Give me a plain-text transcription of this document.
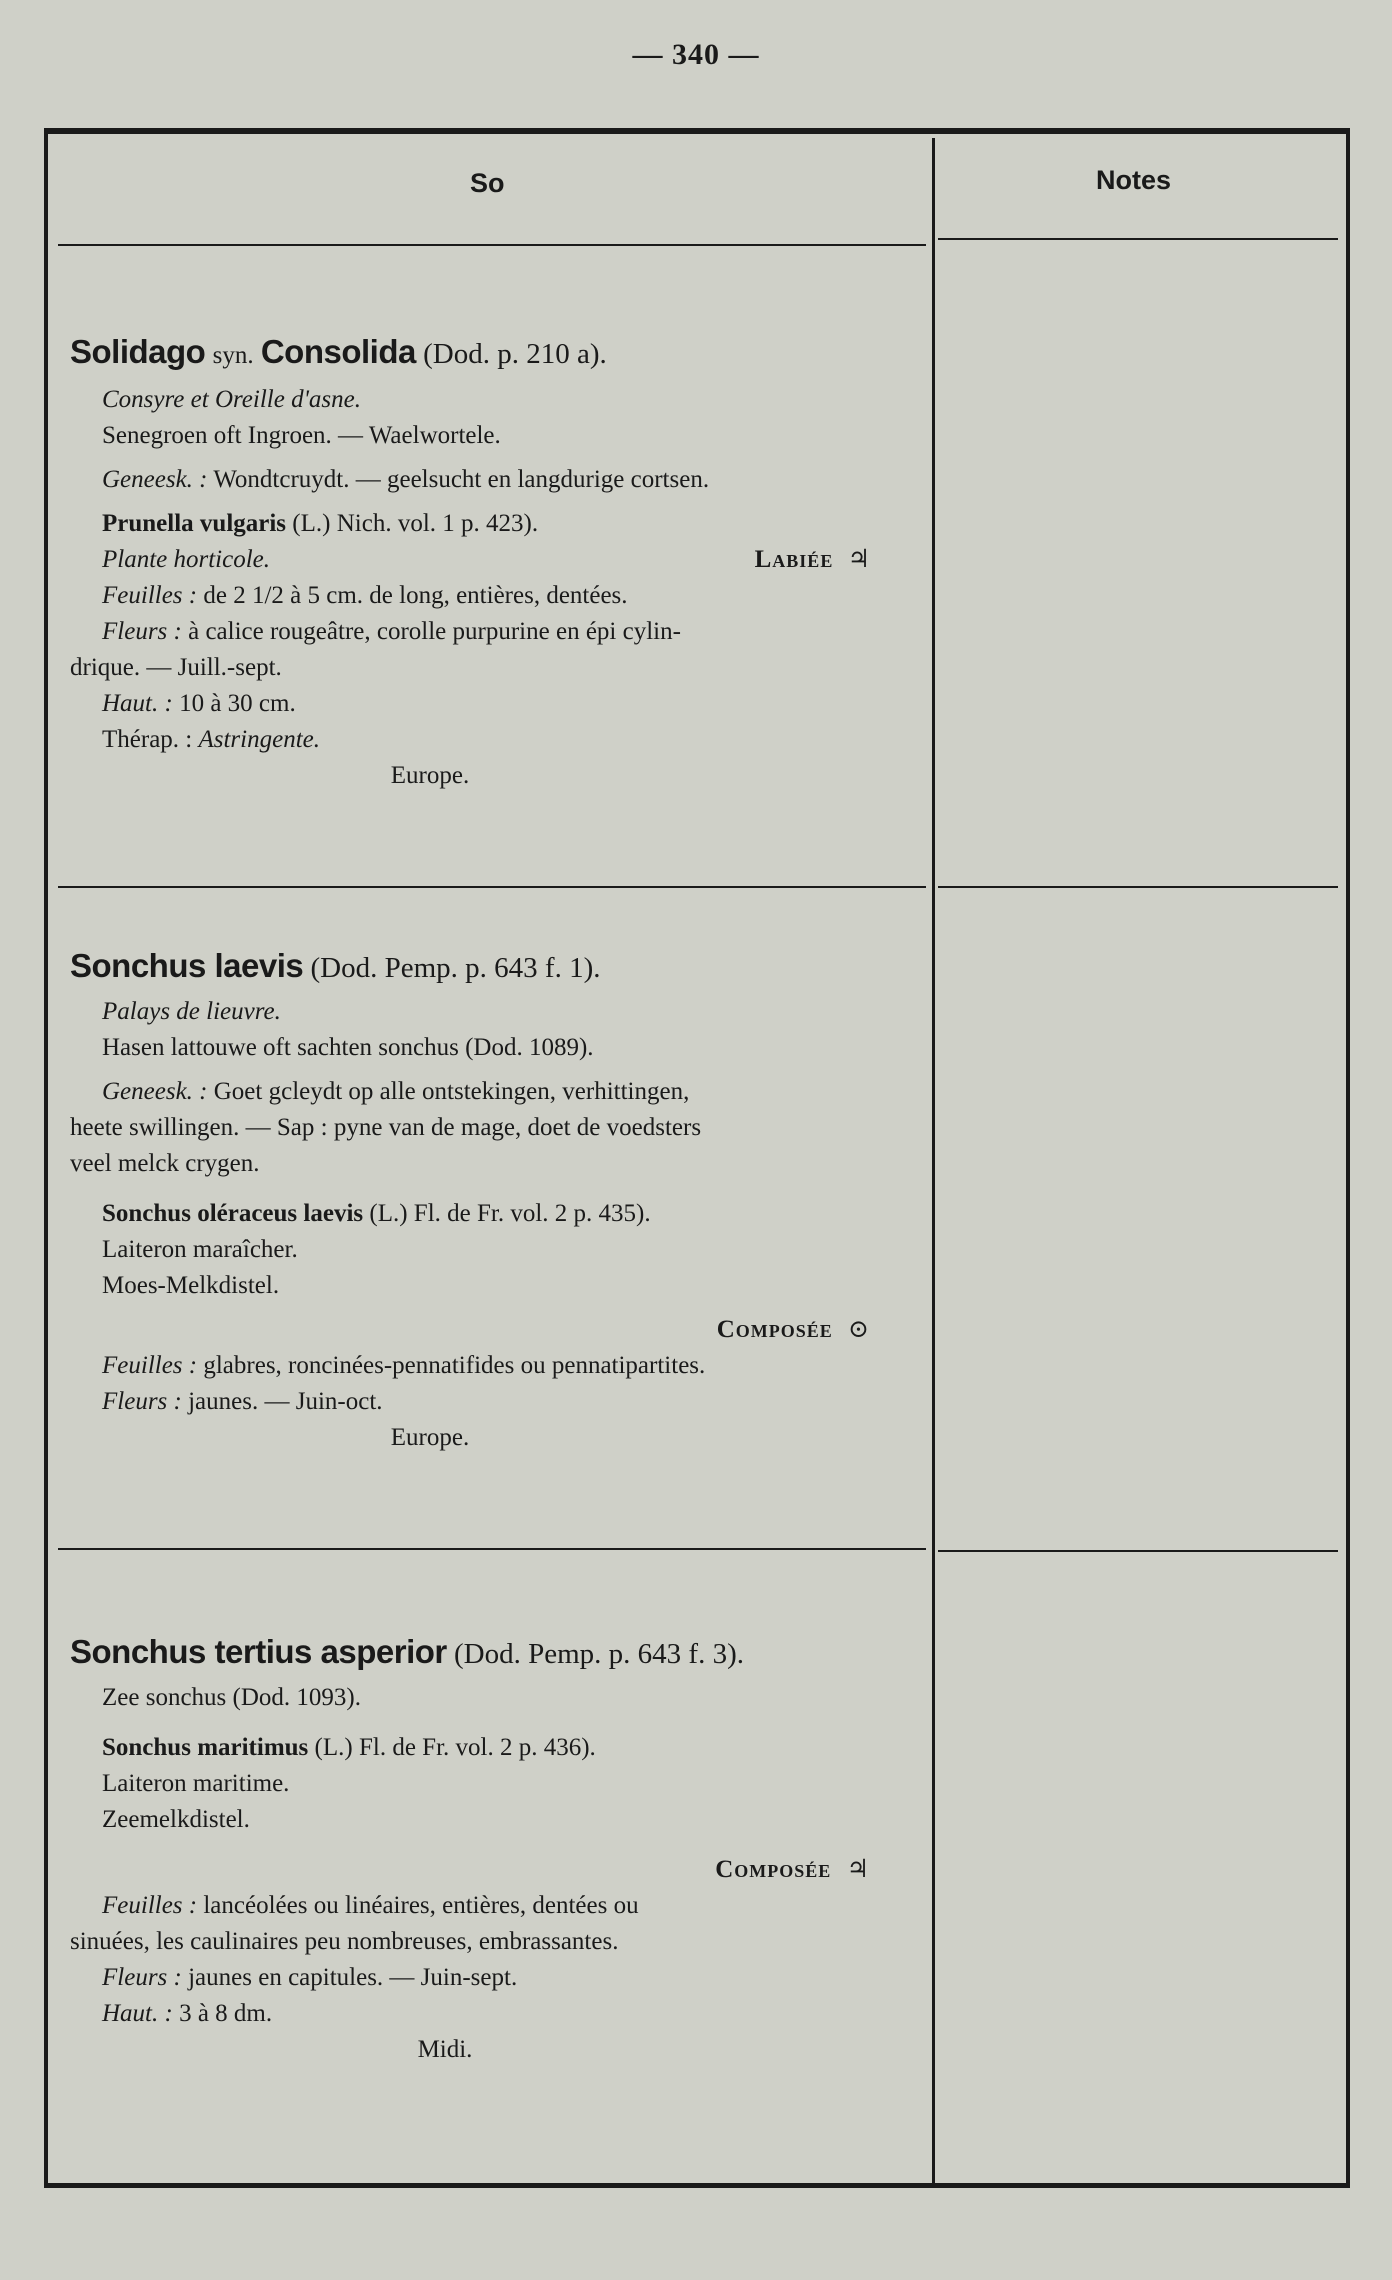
— 340 —
So	Notes
Solidago syn. Consolida (Dod. p. 210 a).
Consyre et Oreille d'asne.
Senegroen oft Ingroen. — Waelwortele.
Geneesk. : Wondtcruydt. — geelsucht en langdurige cortsen.
Prunella vulgaris (L.) Nich. vol. 1 p. 423).
Plante horticole.	Labiée ♃
Feuilles : de 2 1/2 à 5 cm. de long, entières, dentées.
Fleurs : à calice rougeâtre, corolle purpurine en épi cylin-
drique. — Juill.-sept.
Haut. : 10 à 30 cm.
Thérap. : Astringente.
Europe.
Sonchus laevis (Dod. Pemp. p. 643 f. 1).
Palays de lieuvre.
Hasen lattouwe oft sachten sonchus (Dod. 1089).
Geneesk. : Goet gcleydt op alle ontstekingen, verhittingen,
heete swillingen. — Sap : pyne van de mage, doet de voedsters
veel melck crygen.
Sonchus oléraceus laevis (L.) Fl. de Fr. vol. 2 p. 435).
Laiteron maraîcher.
Moes-Melkdistel.
Composée ⊙
Feuilles : glabres, roncinées-pennatifides ou pennatipartites.
Fleurs : jaunes. — Juin-oct.
Europe.
Sonchus tertius asperior (Dod. Pemp. p. 643 f. 3).
Zee sonchus (Dod. 1093).
Sonchus maritimus (L.) Fl. de Fr. vol. 2 p. 436).
Laiteron maritime.
Zeemelkdistel.
Composée ♃
Feuilles : lancéolées ou linéaires, entières, dentées ou
sinuées, les caulinaires peu nombreuses, embrassantes.
Fleurs : jaunes en capitules. — Juin-sept.
Haut. : 3 à 8 dm.
Midi.
